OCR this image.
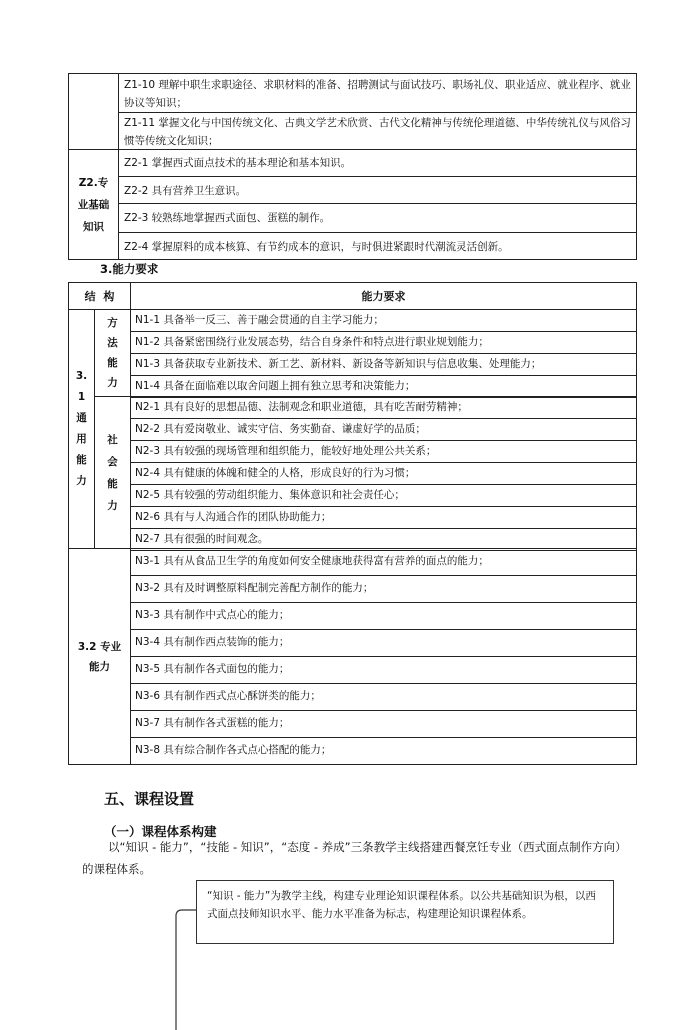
Z1-10 理解中职生求职途径、求职材料的准备、招聘测试与面试技巧、职场礼仪、职业适应、就业程序、就业协议等知识；
Z1-11 掌握文化与中国传统文化、古典文学艺术欣赏、古代文化精神与传统伦理道德、中华传统礼仪与风俗习惯等传统文化知识；
Z2.专业基础知识
Z2-1 掌握西式面点技术的基本理论和基本知识。
Z2-2 具有营养卫生意识。
Z2-3 较熟练地掌握西式面包、蛋糕的制作。
Z2-4 掌握原料的成本核算、有节约成本的意识，与时俱进紧跟时代潮流灵活创新。
3.能力要求
结  构	能力要求
3.
1
通
用
能
力
方
法
能
力
社
会
能
力
N1-1 具备举一反三、善于融会贯通的自主学习能力；
N1-2 具备紧密围绕行业发展态势，结合自身条件和特点进行职业规划能力；
N1-3 具备获取专业新技术、新工艺、新材料、新设备等新知识与信息收集、处理能力；
N1-4 具备在面临难以取舍问题上拥有独立思考和决策能力；
N2-1 具有良好的思想品德、法制观念和职业道德，具有吃苦耐劳精神；
N2-2 具有爱岗敬业、诚实守信、务实勤奋、谦虚好学的品质；
N2-3 具有较强的现场管理和组织能力，能较好地处理公共关系；
N2-4 具有健康的体魄和健全的人格，形成良好的行为习惯；
N2-5 具有较强的劳动组织能力、集体意识和社会责任心；
N2-6 具有与人沟通合作的团队协助能力；
N2-7 具有很强的时间观念。
3.2 专业能力
N3-1 具有从食品卫生学的角度如何安全健康地获得富有营养的面点的能力；
N3-2 具有及时调整原料配制完善配方制作的能力；
N3-3 具有制作中式点心的能力；
N3-4 具有制作西点装饰的能力；
N3-5 具有制作各式面包的能力；
N3-6 具有制作西式点心酥饼类的能力；
N3-7 具有制作各式蛋糕的能力；
N3-8 具有综合制作各式点心搭配的能力；
五、课程设置
（一）课程体系构建
以“知识 - 能力”，“技能 - 知识”，“态度 - 养成”三条教学主线搭建西餐烹饪专业（西式面点制作方向）的课程体系。
“知识 - 能力”为教学主线，构建专业理论知识课程体系。以公共基础知识为根，以西式面点技师知识水平、能力水平准备为标志，构建理论知识课程体系。
